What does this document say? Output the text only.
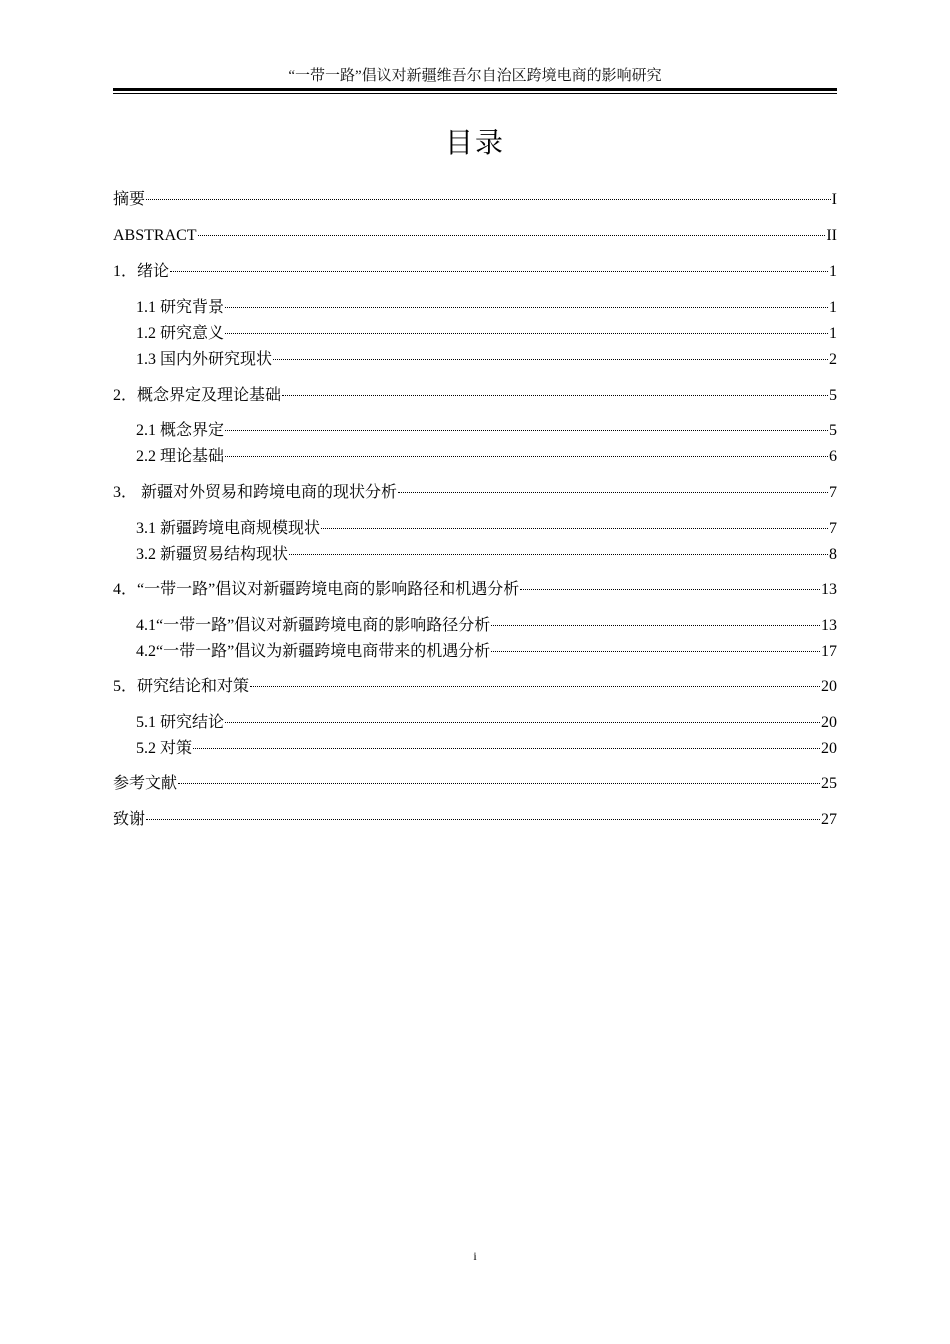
“一带一路”倡议对新疆维吾尔自治区跨境电商的影响研究
目录
摘要	I
ABSTRACT	II
1．绪论	1
1.1 研究背景	1
1.2 研究意义	1
1.3 国内外研究现状	2
2．概念界定及理论基础	5
2.1 概念界定	5
2.2 理论基础	6
3． 新疆对外贸易和跨境电商的现状分析	7
3.1 新疆跨境电商规模现状	7
3.2 新疆贸易结构现状	8
4．“一带一路”倡议对新疆跨境电商的影响路径和机遇分析	13
4.1“一带一路”倡议对新疆跨境电商的影响路径分析	13
4.2“一带一路”倡议为新疆跨境电商带来的机遇分析	17
5．研究结论和对策	20
5.1 研究结论	20
5.2 对策	20
参考文献	25
致谢	27
i
